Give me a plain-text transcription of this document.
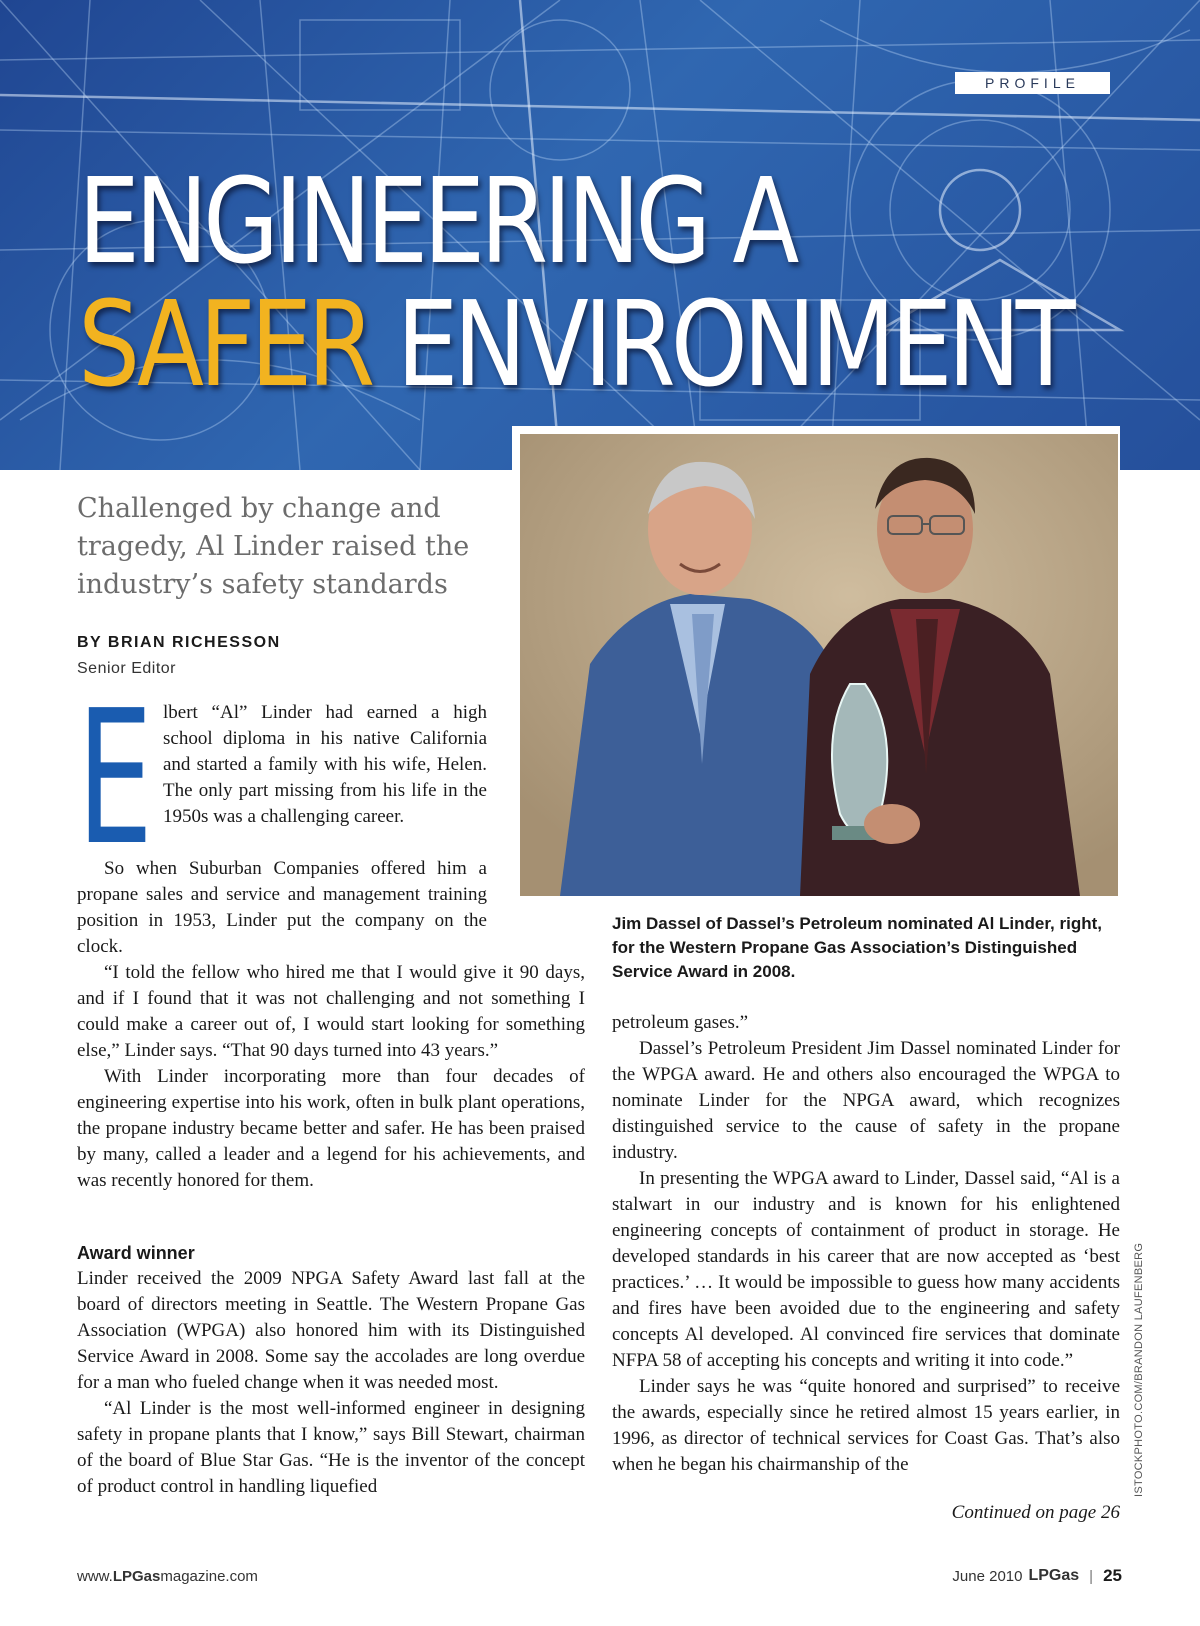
PROFILE
ENGINEERING A
SAFER ENVIRONMENT
Jim Dassel of Dassel’s Petroleum nominated Al Linder, right, for the Western Propane Gas Association’s Distinguished Service Award in 2008.
Challenged by change and tragedy, Al Linder raised the industry’s safety standards
BY BRIAN RICHESSON
Senior Editor
E lbert “Al” Linder had earned a high school diploma in his native California and started a family with his wife, Helen. The only part missing from his life in the 1950s was a challenging career.

So when Suburban Companies offered him a propane sales and service and management training position in 1953, Linder put the company on the clock.

“I told the fellow who hired me that I would give it 90 days, and if I found that it was not challenging and not something I could make a career out of, I would start looking for something else,” Linder says. “That 90 days turned into 43 years.”

With Linder incorporating more than four decades of engineering expertise into his work, often in bulk plant operations, the propane industry became better and safer. He has been praised by many, called a leader and a legend for his achievements, and was recently honored for them.

Award winner

Linder received the 2009 NPGA Safety Award last fall at the board of directors meeting in Seattle. The Western Propane Gas Association (WPGA) also honored him with its Distinguished Service Award in 2008. Some say the accolades are long overdue for a man who fueled change when it was needed most.

“Al Linder is the most well-informed engineer in designing safety in propane plants that I know,” says Bill Stewart, chairman of the board of Blue Star Gas. “He is the inventor of the concept of product control in handling liquefied

petroleum gases.”

Dassel’s Petroleum President Jim Dassel nominated Linder for the WPGA award. He and others also encouraged the WPGA to nominate Linder for the NPGA award, which recognizes distinguished service to the cause of safety in the propane industry.

In presenting the WPGA award to Linder, Dassel said, “Al is a stalwart in our industry and is known for his enlightened engineering concepts of containment of product in storage. He developed standards in his career that are now accepted as ‘best practices.’ … It would be impossible to guess how many accidents and fires have been avoided due to the engineering and safety concepts Al developed. Al convinced fire services that dominate NFPA 58 of accepting his concepts and writing it into code.”

Linder says he was “quite honored and surprised” to receive the awards, especially since he retired almost 15 years earlier, in 1996, as director of technical services for Coast Gas. That’s also when he began his chairmanship of the

Continued on page 26
ISTOCKPHOTO.COM/BRANDON LAUFENBERG
www.LPGasmagazine.com	June 2010 LPGas | 25
